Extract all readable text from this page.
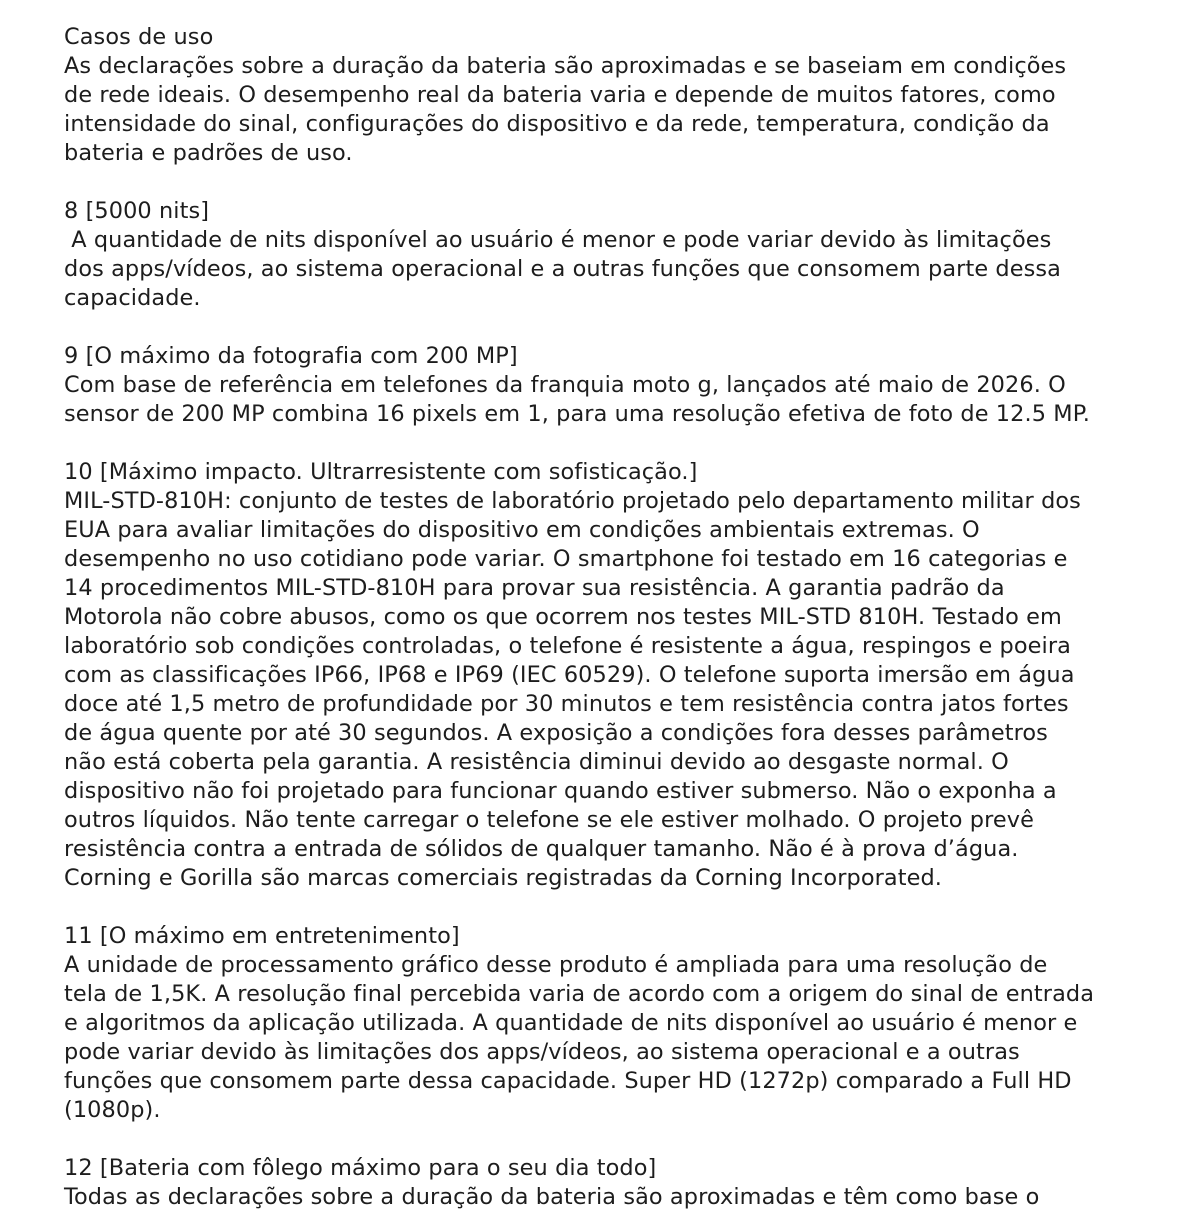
Casos de uso
As declarações sobre a duração da bateria são aproximadas e se baseiam em condições
de rede ideais. O desempenho real da bateria varia e depende de muitos fatores, como
intensidade do sinal, configurações do dispositivo e da rede, temperatura, condição da
bateria e padrões de uso.
8 [5000 nits]
A quantidade de nits disponível ao usuário é menor e pode variar devido às limitações
dos apps/vídeos, ao sistema operacional e a outras funções que consomem parte dessa
capacidade.
9 [O máximo da fotografia com 200 MP]
Com base de referência em telefones da franquia moto g, lançados até maio de 2026. O
sensor de 200 MP combina 16 pixels em 1, para uma resolução efetiva de foto de 12.5 MP.
10 [Máximo impacto. Ultrarresistente com sofisticação.]
MIL-STD-810H: conjunto de testes de laboratório projetado pelo departamento militar dos
EUA para avaliar limitações do dispositivo em condições ambientais extremas. O
desempenho no uso cotidiano pode variar. O smartphone foi testado em 16 categorias e
14 procedimentos MIL-STD-810H para provar sua resistência. A garantia padrão da
Motorola não cobre abusos, como os que ocorrem nos testes MIL-STD 810H. Testado em
laboratório sob condições controladas, o telefone é resistente a água, respingos e poeira
com as classificações IP66, IP68 e IP69 (IEC 60529). O telefone suporta imersão em água
doce até 1,5 metro de profundidade por 30 minutos e tem resistência contra jatos fortes
de água quente por até 30 segundos. A exposição a condições fora desses parâmetros
não está coberta pela garantia. A resistência diminui devido ao desgaste normal. O
dispositivo não foi projetado para funcionar quando estiver submerso. Não o exponha a
outros líquidos. Não tente carregar o telefone se ele estiver molhado. O projeto prevê
resistência contra a entrada de sólidos de qualquer tamanho. Não é à prova d’água.
Corning e Gorilla são marcas comerciais registradas da Corning Incorporated.
11 [O máximo em entretenimento]
A unidade de processamento gráfico desse produto é ampliada para uma resolução de
tela de 1,5K. A resolução final percebida varia de acordo com a origem do sinal de entrada
e algoritmos da aplicação utilizada. A quantidade de nits disponível ao usuário é menor e
pode variar devido às limitações dos apps/vídeos, ao sistema operacional e a outras
funções que consomem parte dessa capacidade. Super HD (1272p) comparado a Full HD
(1080p).
12 [Bateria com fôlego máximo para o seu dia todo]
Todas as declarações sobre a duração da bateria são aproximadas e têm como base o
